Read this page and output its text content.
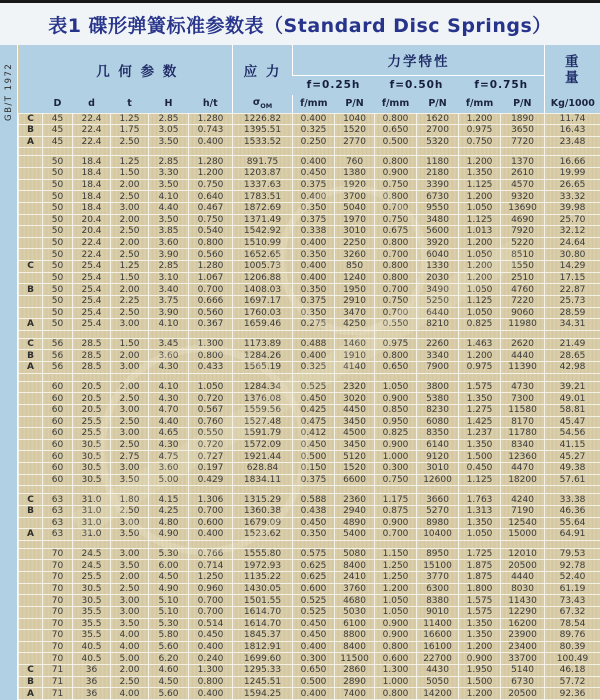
表1 碟形弹簧标准参数表（Standard Disc Springs）
GB/T 1972
		几 何 参 数					应 力	力学特性						重
量

							f=0.25h		f=0.50h		f=0.75h		
	D	d	t	H	h/t	$\sigma_{OM}$	f/mm	P/N	f/mm	P/N	f/mm	P/N	Kg/1000
C	45	22.4	1.25	2.85	1.280	1226.82	0.400	1040	0.800	1620	1.200	1890	11.74
B	45	22.4	1.75	3.05	0.743	1395.51	0.325	1520	0.650	2700	0.975	3650	16.43
A	45	22.4	2.50	3.50	0.400	1533.52	0.250	2770	0.500	5320	0.750	7720	23.48

	50	18.4	1.25	2.85	1.280	891.75	0.400	760	0.800	1180	1.200	1370	16.66
	50	18.4	1.50	3.30	1.200	1203.87	0.450	1380	0.900	2180	1.350	2610	19.99
	50	18.4	2.00	3.50	0.750	1337.63	0.375	1920	0.750	3390	1.125	4570	26.65
	50	18.4	2.50	4.10	0.640	1783.51	0.400	3700	0.800	6730	1.200	9320	33.32
	50	18.4	3.00	4.40	0.467	1872.69	0.350	5040	0.700	9550	1.050	13690	39.98
	50	20.4	2.00	3.50	0.750	1371.49	0.375	1970	0.750	3480	1.125	4690	25.70
	50	20.4	2.50	3.85	0.540	1542.92	0.338	3010	0.675	5600	1.013	7920	32.12
	50	22.4	2.00	3.60	0.800	1510.99	0.400	2250	0.800	3920	1.200	5220	24.64
	50	22.4	2.50	3.90	0.560	1652.65	0.350	3260	0.700	6040	1.050	8510	30.80
C	50	25.4	1.25	2.85	1.280	1005.73	0.400	850	0.800	1330	1.200	1550	14.29
	50	25.4	1.50	3.10	1.067	1206.88	0.400	1240	0.800	2030	1.200	2510	17.15
B	50	25.4	2.00	3.40	0.700	1408.03	0.350	1950	0.700	3490	1.050	4760	22.87
	50	25.4	2.25	3.75	0.666	1697.17	0.375	2910	0.750	5250	1.125	7220	25.73
	50	25.4	2.50	3.90	0.560	1760.03	0.350	3470	0.700	6440	1.050	9060	28.59
A	50	25.4	3.00	4.10	0.367	1659.46	0.275	4250	0.550	8210	0.825	11980	34.31

C	56	28.5	1.50	3.45	1.300	1173.89	0.488	1460	0.975	2260	1.463	2620	21.49
B	56	28.5	2.00	3.60	0.800	1284.26	0.400	1910	0.800	3340	1.200	4440	28.65
A	56	28.5	3.00	4.30	0.433	1565.19	0.325	4140	0.650	7900	0.975	11390	42.98

	60	20.5	2.00	4.10	1.050	1284.34	0.525	2320	1.050	3800	1.575	4730	39.21
	60	20.5	2.50	4.30	0.720	1376.08	0.450	3020	0.900	5380	1.350	7300	49.01
	60	20.5	3.00	4.70	0.567	1559.56	0.425	4450	0.850	8230	1.275	11580	58.81
	60	25.5	2.50	4.40	0.760	1527.48	0.475	3450	0.950	6080	1.425	8170	45.47
	60	25.5	3.00	4.65	0.550	1591.79	0.412	4500	0.825	8350	1.237	11780	54.56
	60	30.5	2.50	4.30	0.720	1572.09	0.450	3450	0.900	6140	1.350	8340	41.15
	60	30.5	2.75	4.75	0.727	1921.44	0.500	5120	1.000	9120	1.500	12360	45.27
	60	30.5	3.00	3.60	0.197	628.84	0.150	1520	0.300	3010	0.450	4470	49.38
	60	30.5	3.50	5.00	0.429	1834.11	0.375	6600	0.750	12600	1.125	18200	57.61

C	63	31.0	1.80	4.15	1.306	1315.29	0.588	2360	1.175	3660	1.763	4240	33.38
B	63	31.0	2.50	4.25	0.700	1360.38	0.438	2940	0.875	5270	1.313	7190	46.36
	63	31.0	3.00	4.80	0.600	1679.09	0.450	4890	0.900	8980	1.350	12540	55.64
A	63	31.0	3.50	4.90	0.400	1523.62	0.350	5400	0.700	10400	1.050	15000	64.91

	70	24.5	3.00	5.30	0.766	1555.80	0.575	5080	1.150	8950	1.725	12010	79.53
	70	24.5	3.50	6.00	0.714	1972.93	0.625	8400	1.250	15100	1.875	20500	92.78
	70	25.5	2.00	4.50	1.250	1135.22	0.625	2410	1.250	3770	1.875	4440	52.40
	70	30.5	2.50	4.90	0.960	1430.05	0.600	3760	1.200	6300	1.800	8030	61.19
	70	30.5	3.00	5.10	0.700	1501.55	0.525	4680	1.050	8380	1.575	11430	73.43
	70	35.5	3.00	5.10	0.700	1614.70	0.525	5030	1.050	9010	1.575	12290	67.32
	70	35.5	3.50	5.30	0.514	1614.70	0.450	6100	0.900	11400	1.350	16200	78.54
	70	35.5	4.00	5.80	0.450	1845.37	0.450	8800	0.900	16600	1.350	23900	89.76
	70	40.5	4.00	5.60	0.400	1812.91	0.400	8400	0.800	16100	1.200	23400	80.39
	70	40.5	5.00	6.20	0.240	1699.60	0.300	11500	0.600	22700	0.900	33700	100.49
C	71	36	2.00	4.60	1.300	1295.33	0.650	2860	1.300	4430	1.950	5140	46.18
B	71	36	2.50	4.50	0.800	1245.51	0.500	2890	1.000	5050	1.500	6730	57.72
A	71	36	4.00	5.60	0.400	1594.25	0.400	7400	0.800	14200	1.200	20500	92.36
